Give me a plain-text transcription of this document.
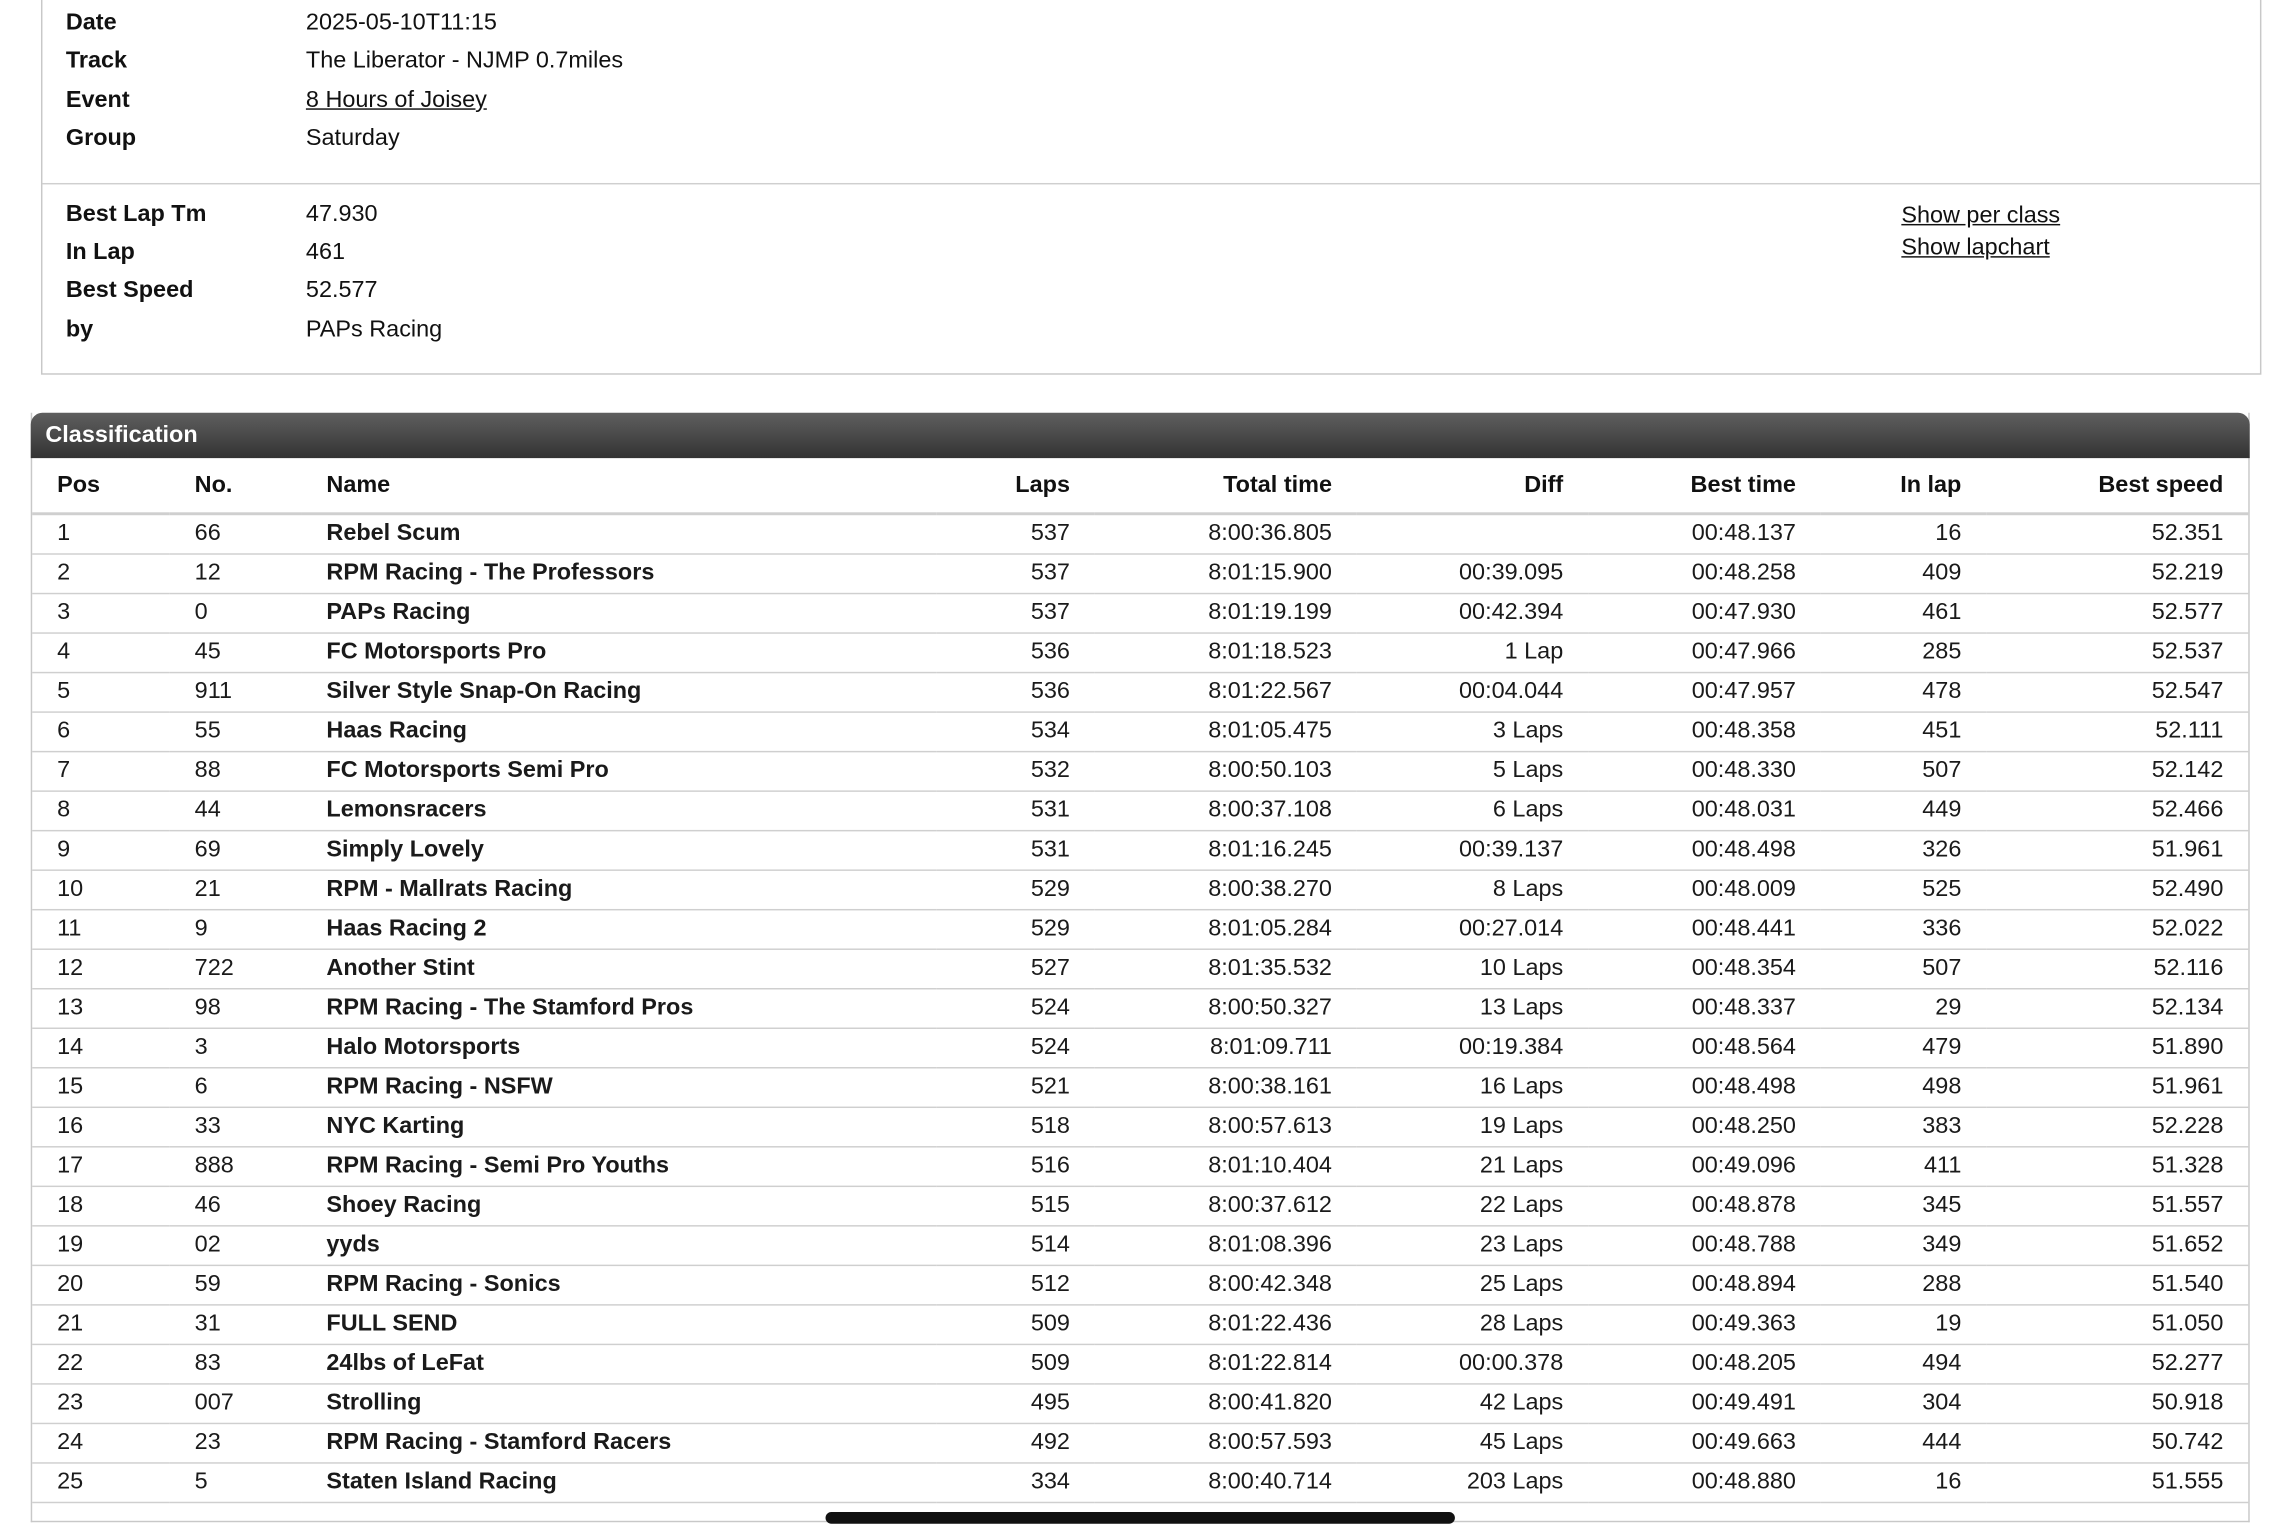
Date	2025-05-10T11:15
Track	The Liberator - NJMP 0.7miles
Event	8 Hours of Joisey
Group	Saturday
Best Lap Tm	47.930
In Lap	461
Best Speed	52.577
by	PAPs Racing
Show per class
Show lapchart
Classification
Pos	No.	Name	Laps	Total time	Diff	Best time	In lap	Best speed
1	66	Rebel Scum	537	8:00:36.805		00:48.137	16	52.351
2	12	RPM Racing - The Professors	537	8:01:15.900	00:39.095	00:48.258	409	52.219
3	0	PAPs Racing	537	8:01:19.199	00:42.394	00:47.930	461	52.577
4	45	FC Motorsports Pro	536	8:01:18.523	1 Lap	00:47.966	285	52.537
5	911	Silver Style Snap-On Racing	536	8:01:22.567	00:04.044	00:47.957	478	52.547
6	55	Haas Racing	534	8:01:05.475	3 Laps	00:48.358	451	52.111
7	88	FC Motorsports Semi Pro	532	8:00:50.103	5 Laps	00:48.330	507	52.142
8	44	Lemonsracers	531	8:00:37.108	6 Laps	00:48.031	449	52.466
9	69	Simply Lovely	531	8:01:16.245	00:39.137	00:48.498	326	51.961
10	21	RPM - Mallrats Racing	529	8:00:38.270	8 Laps	00:48.009	525	52.490
11	9	Haas Racing 2	529	8:01:05.284	00:27.014	00:48.441	336	52.022
12	722	Another Stint	527	8:01:35.532	10 Laps	00:48.354	507	52.116
13	98	RPM Racing - The Stamford Pros	524	8:00:50.327	13 Laps	00:48.337	29	52.134
14	3	Halo Motorsports	524	8:01:09.711	00:19.384	00:48.564	479	51.890
15	6	RPM Racing - NSFW	521	8:00:38.161	16 Laps	00:48.498	498	51.961
16	33	NYC Karting	518	8:00:57.613	19 Laps	00:48.250	383	52.228
17	888	RPM Racing - Semi Pro Youths	516	8:01:10.404	21 Laps	00:49.096	411	51.328
18	46	Shoey Racing	515	8:00:37.612	22 Laps	00:48.878	345	51.557
19	02	yyds	514	8:01:08.396	23 Laps	00:48.788	349	51.652
20	59	RPM Racing - Sonics	512	8:00:42.348	25 Laps	00:48.894	288	51.540
21	31	FULL SEND	509	8:01:22.436	28 Laps	00:49.363	19	51.050
22	83	24lbs of LeFat	509	8:01:22.814	00:00.378	00:48.205	494	52.277
23	007	Strolling	495	8:00:41.820	42 Laps	00:49.491	304	50.918
24	23	RPM Racing - Stamford Racers	492	8:00:57.593	45 Laps	00:49.663	444	50.742
25	5	Staten Island Racing	334	8:00:40.714	203 Laps	00:48.880	16	51.555
